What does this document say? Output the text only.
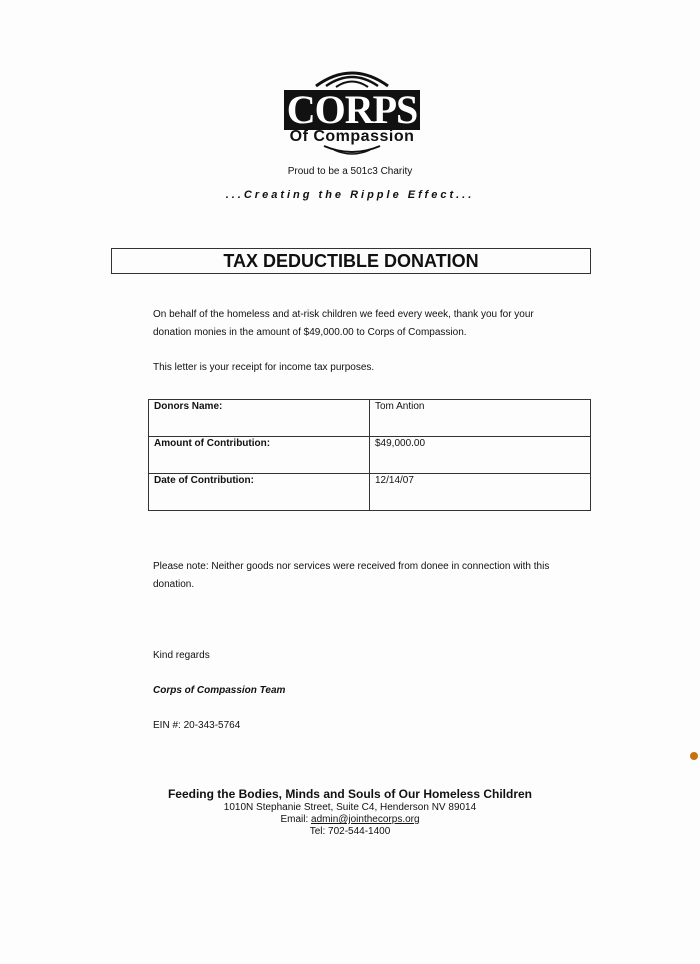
CORPS
Of Compassion
Proud to be a 501c3 Charity
...Creating the Ripple Effect...
TAX DEDUCTIBLE DONATION
On behalf of the homeless and at-risk children we feed every week, thank you for your donation monies in the amount of $49,000.00 to Corps of Compassion.
This letter is your receipt for income tax purposes.
Donors Name:	Tom Antion
Amount of Contribution:	$49,000.00
Date of Contribution:	12/14/07
Please note: Neither goods nor services were received from donee in connection with this donation.
Kind regards
Corps of Compassion Team
EIN #: 20-343-5764
Feeding the Bodies, Minds and Souls of Our Homeless Children
1010N Stephanie Street, Suite C4, Henderson NV 89014
Email: admin@jointhecorps.org
Tel: 702-544-1400
